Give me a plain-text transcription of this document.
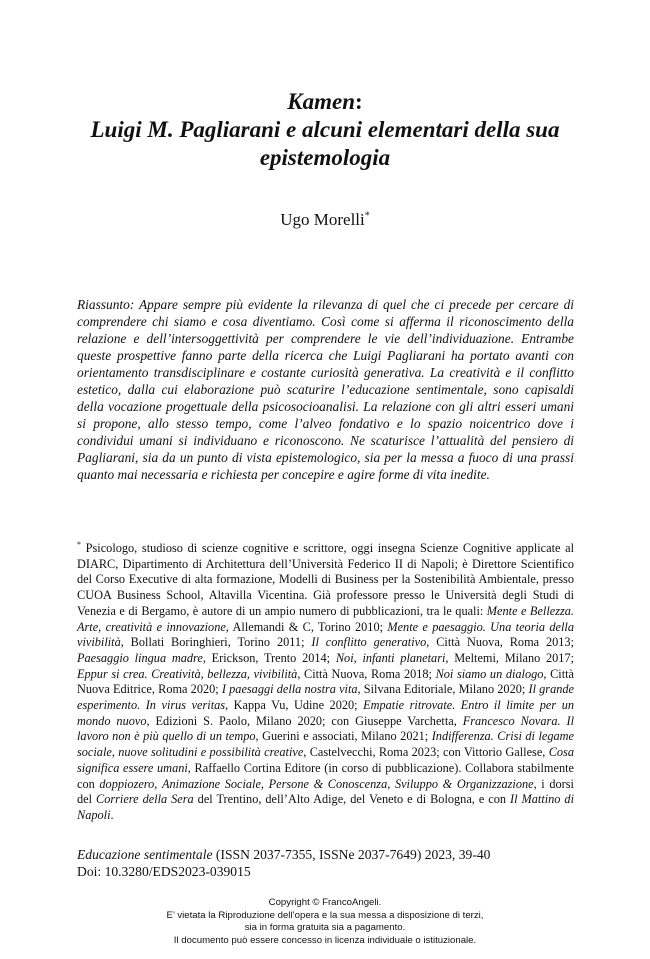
Kamen:

Luigi M. Pagliarani e alcuni elementari della sua

epistemologia

Ugo Morelli*

Riassunto: Appare sempre più evidente la rilevanza di quel che ci precede per cercare di comprendere chi siamo e cosa diventiamo. Così come si afferma il riconoscimento della relazione e dell’intersoggettività per comprendere le vie dell’individuazione. Entrambe queste prospettive fanno parte della ricerca che Luigi Pagliarani ha portato avanti con orientamento transdisciplinare e costante curiosità generativa. La creatività e il conflitto estetico, dalla cui elaborazione può scaturire l’educazione sentimentale, sono capisaldi della vocazione progettuale della psicosocioanalisi. La relazione con gli altri esseri umani si propone, allo stesso tempo, come l’alveo fondativo e lo spazio noicentrico dove i condividui umani si individuano e riconoscono. Ne scaturisce l’attualità del pensiero di Pagliarani, sia da un punto di vista epistemologico, sia per la messa a fuoco di una prassi quanto mai necessaria e richiesta per concepire e agire forme di vita inedite.

* Psicologo, studioso di scienze cognitive e scrittore, oggi insegna Scienze Cognitive applicate al DIARC, Dipartimento di Architettura dell’Università Federico II di Napoli; è Direttore Scientifico del Corso Executive di alta formazione, Modelli di Business per la Sostenibilità Ambientale, presso CUOA Business School, Altavilla Vicentina. Già professore presso le Università degli Studi di Venezia e di Bergamo, è autore di un ampio numero di pubblicazioni, tra le quali: Mente e Bellezza. Arte, creatività e innovazione, Allemandi & C, Torino 2010; Mente e paesaggio. Una teoria della vivibilità, Bollati Boringhieri, Torino 2011; Il conflitto generativo, Città Nuova, Roma 2013; Paesaggio lingua madre, Erickson, Trento 2014; Noi, infanti planetari, Meltemi, Milano 2017; Eppur si crea. Creatività, bellezza, vivibilità, Città Nuova, Roma 2018; Noi siamo un dialogo, Città Nuova Editrice, Roma 2020; I paesaggi della nostra vita, Silvana Editoriale, Milano 2020; Il grande esperimento. In virus veritas, Kappa Vu, Udine 2020; Empatie ritrovate. Entro il limite per un mondo nuovo, Edizioni S. Paolo, Milano 2020; con Giuseppe Varchetta, Francesco Novara. Il lavoro non è più quello di un tempo, Guerini e associati, Milano 2021; Indifferenza. Crisi di legame sociale, nuove solitudini e possibilità creative, Castelvecchi, Roma 2023; con Vittorio Gallese, Cosa significa essere umani, Raffaello Cortina Editore (in corso di pubblicazione). Collabora stabilmente con doppiozero, Animazione Sociale, Persone & Conoscenza, Sviluppo & Organizzazione, i dorsi del Corriere della Sera del Trentino, dell’Alto Adige, del Veneto e di Bologna, e con Il Mattino di Napoli.

Educazione sentimentale (ISSN 2037-7355, ISSNe 2037-7649) 2023, 39-40

Doi: 10.3280/EDS2023-039015

Copyright © FrancoAngeli.
E’ vietata la Riproduzione dell’opera e la sua messa a disposizione di terzi,
sia in forma gratuita sia a pagamento.
Il documento può essere concesso in licenza individuale o istituzionale.
